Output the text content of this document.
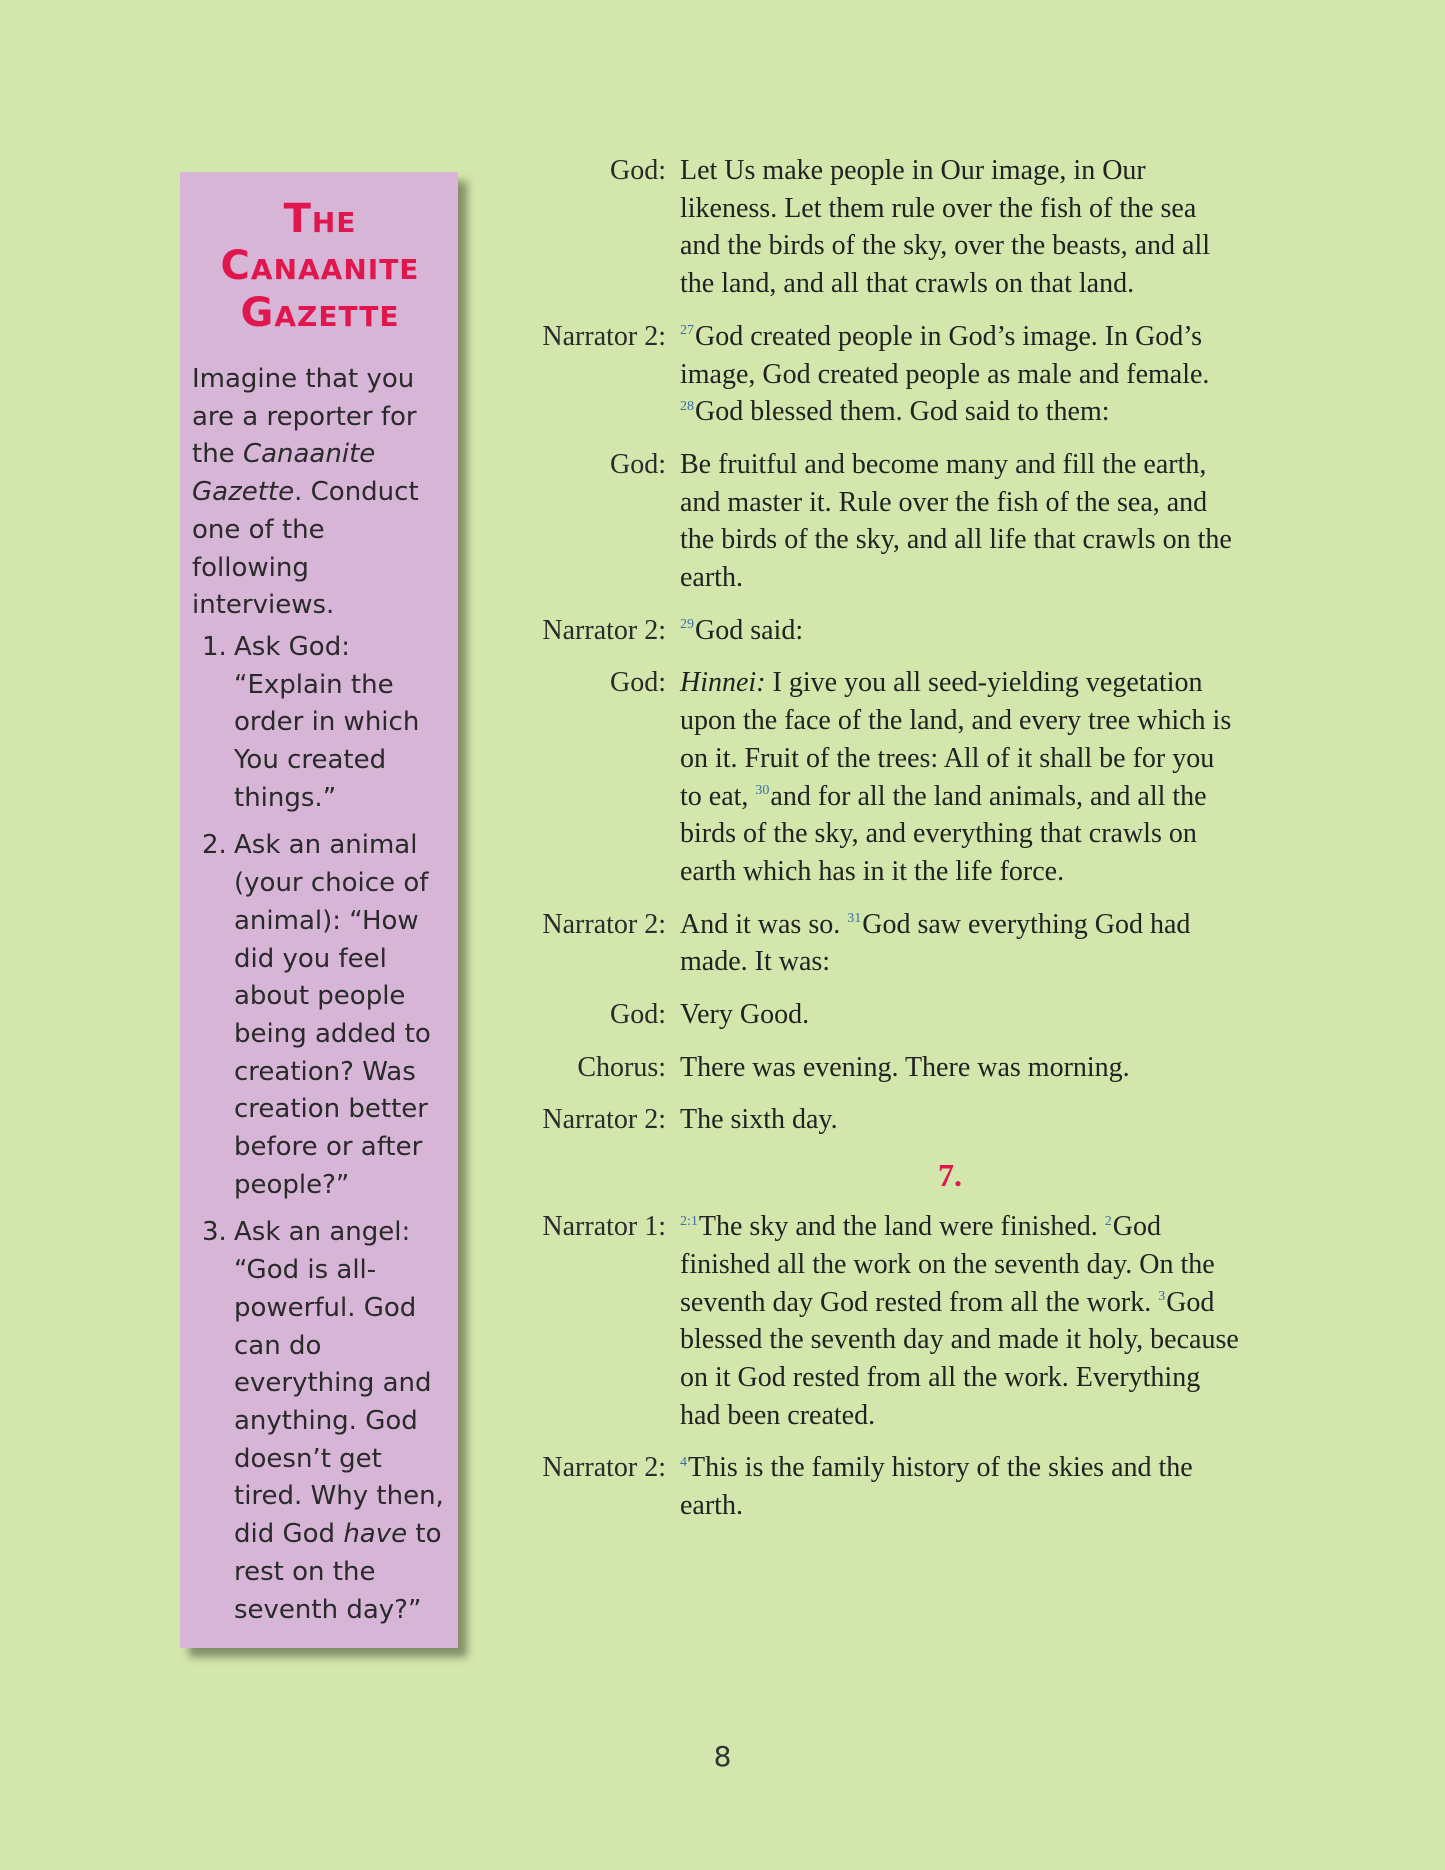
The
Canaanite
Gazette

Imagine that you are a reporter for the Canaanite Gazette. Conduct one of the following interviews.

1. Ask God: “Explain the order in which You created things.”
2. Ask an animal (your choice of animal): “How did you feel about people being added to creation? Was creation better before or after people?”
3. Ask an angel: “God is all-powerful. God can do everything and anything. God doesn’t get tired. Why then, did God have to rest on the seventh day?”
God: Let Us make people in Our image, in Our likeness. Let them rule over the fish of the sea and the birds of the sky, over the beasts, and all the land, and all that crawls on that land.
Narrator 2:	$^{27}$God created people in God’s image. In God’s image, God created people as male and female. $^{28}$God blessed them. God said to them:
God: Be fruitful and become many and fill the earth, and master it. Rule over the fish of the sea, and the birds of the sky, and all life that crawls on the earth.
Narrator 2:	$^{29}$God said:
God: Hinnei: I give you all seed-yielding vegetation upon the face of the land, and every tree which is on it. Fruit of the trees: All of it shall be for you to eat, $^{30}$and for all the land animals, and all the birds of the sky, and everything that crawls on earth which has in it the life force.
Narrator 2: And it was so. $^{31}$God saw everything God had made. It was:
God: Very Good.
Chorus: There was evening. There was morning.
Narrator 2: The sixth day.
7.
Narrator 1:	$^{2:1}$The sky and the land were finished. $^2$God finished all the work on the seventh day. On the seventh day God rested from all the work. $^3$God blessed the seventh day and made it holy, because on it God rested from all the work. Everything had been created.
Narrator 2:	$^4$This is the family history of the skies and the earth.
8
